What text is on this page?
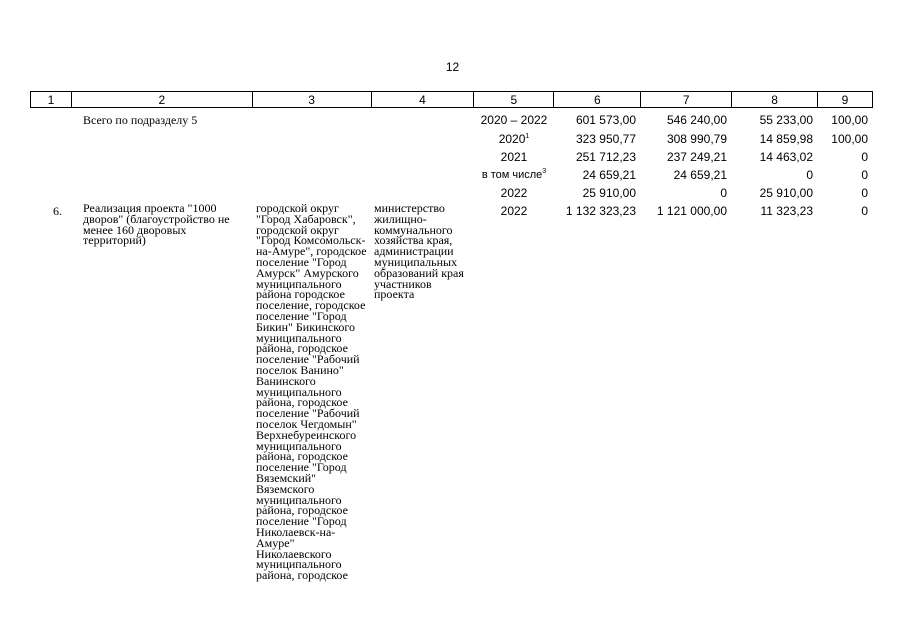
12
1	2	3	4	5	6	7	8	9
	Всего по подразделу 5			2020 – 2022	601 573,00	546 240,00	55 233,00	100,00
				2020$^1$	323 950,77	308 990,79	14 859,98	100,00
				2021	251 712,23	237 249,21	14 463,02	0
				в том числе$^3$	24 659,21	24 659,21	0	0
				2022	25 910,00	0	25 910,00	0
6.	Реализация проекта "1000 дворов" (благоустройство не менее 160 дворовых территорий)	городской округ "Город Хабаровск", городской округ "Город Комсомольск-на-Амуре", городское поселение "Город Амурск" Амурского муниципального района городское поселение, городское поселение "Город Бикин" Бикинского муниципального района, городское поселение "Рабочий поселок Ванино" Ванинского муниципального района, городское поселение "Рабочий поселок Чегдомын" Верхнебуреинского муниципального района, городское поселение "Город Вяземский" Вяземского муниципального района, городское поселение "Город Николаевск-на-Амуре" Николаевского муниципального района, городское	министерство жилищно-коммунального хозяйства края, администрации муниципальных образований края участников проекта	2022	1 132 323,23	1 121 000,00	11 323,23	0
